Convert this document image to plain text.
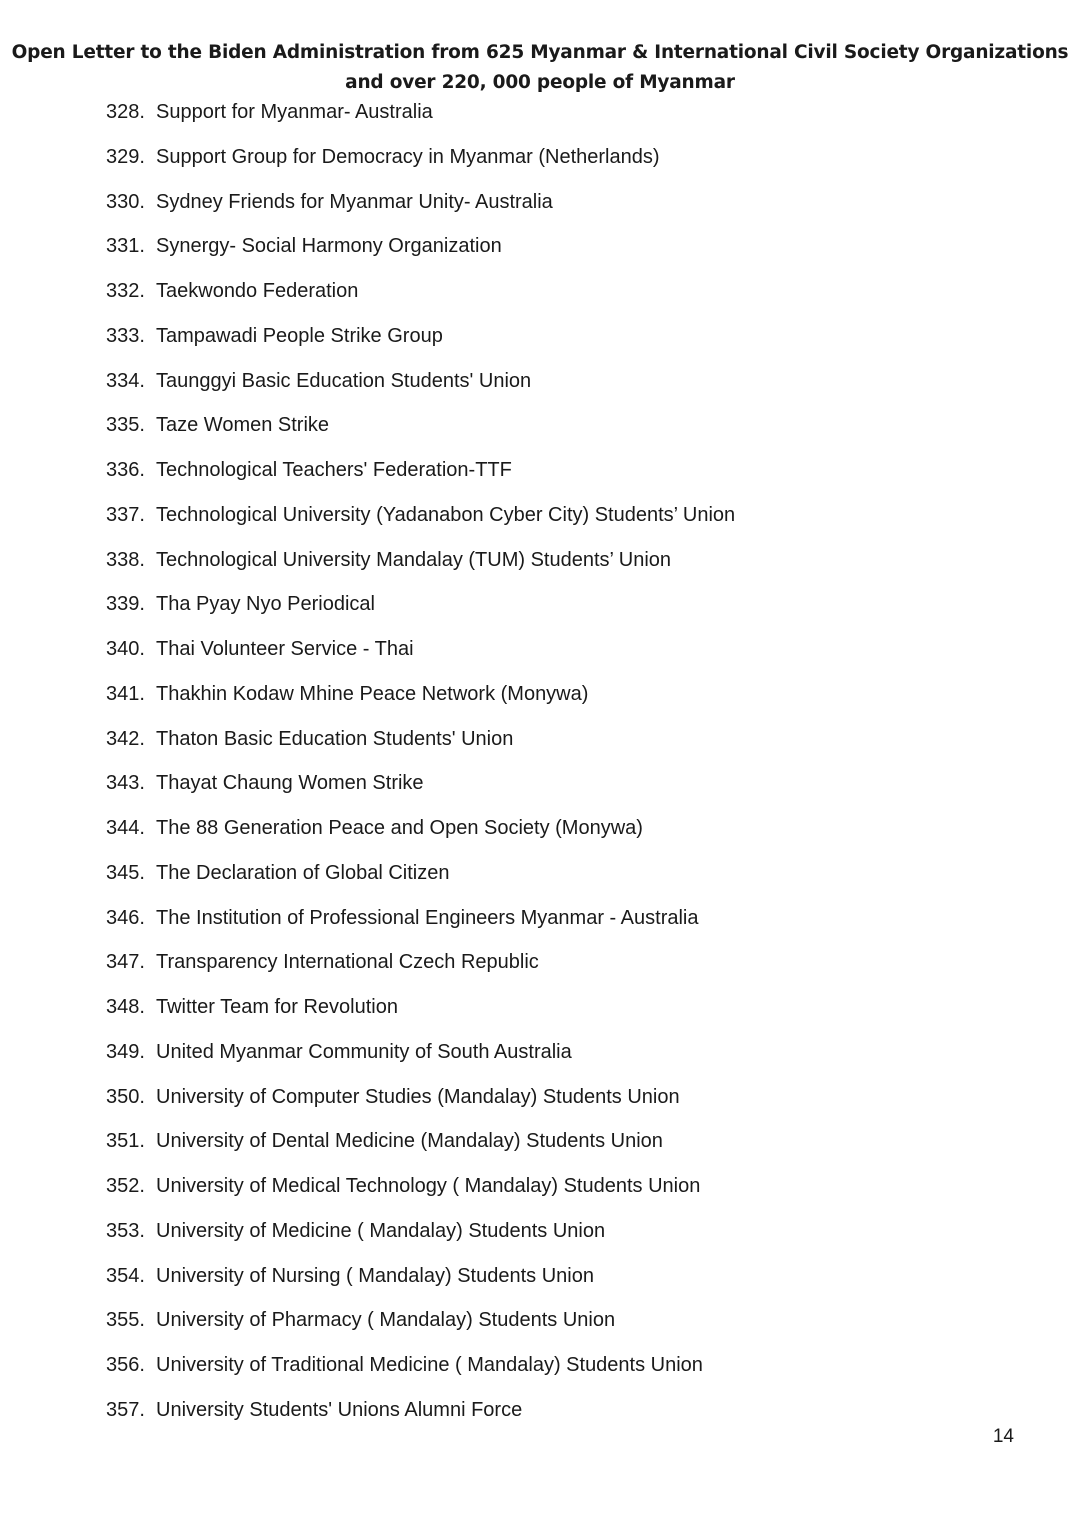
Open Letter to the Biden Administration from 625 Myanmar & International Civil Society Organizations
and over 220, 000 people of Myanmar
328. Support for Myanmar- Australia
329. Support Group for Democracy in Myanmar (Netherlands)
330. Sydney Friends for Myanmar Unity- Australia
331. Synergy- Social Harmony Organization
332. Taekwondo Federation
333. Tampawadi People Strike Group
334. Taunggyi Basic Education Students' Union
335. Taze Women Strike
336. Technological Teachers' Federation-TTF
337. Technological University (Yadanabon Cyber City) Students’ Union
338. Technological University Mandalay (TUM) Students’ Union
339. Tha Pyay Nyo Periodical
340. Thai Volunteer Service - Thai
341. Thakhin Kodaw Mhine Peace Network (Monywa)
342. Thaton Basic Education Students' Union
343. Thayat Chaung Women Strike
344. The 88 Generation Peace and Open Society (Monywa)
345. The Declaration of Global Citizen
346. The Institution of Professional Engineers Myanmar - Australia
347. Transparency International Czech Republic
348. Twitter Team for Revolution
349. United Myanmar Community of South Australia
350. University of Computer Studies (Mandalay) Students Union
351. University of Dental Medicine (Mandalay) Students Union
352. University of Medical Technology ( Mandalay) Students Union
353. University of Medicine ( Mandalay) Students Union
354. University of Nursing ( Mandalay) Students Union
355. University of Pharmacy ( Mandalay) Students Union
356. University of Traditional Medicine ( Mandalay) Students Union
357. University Students' Unions Alumni Force
14
